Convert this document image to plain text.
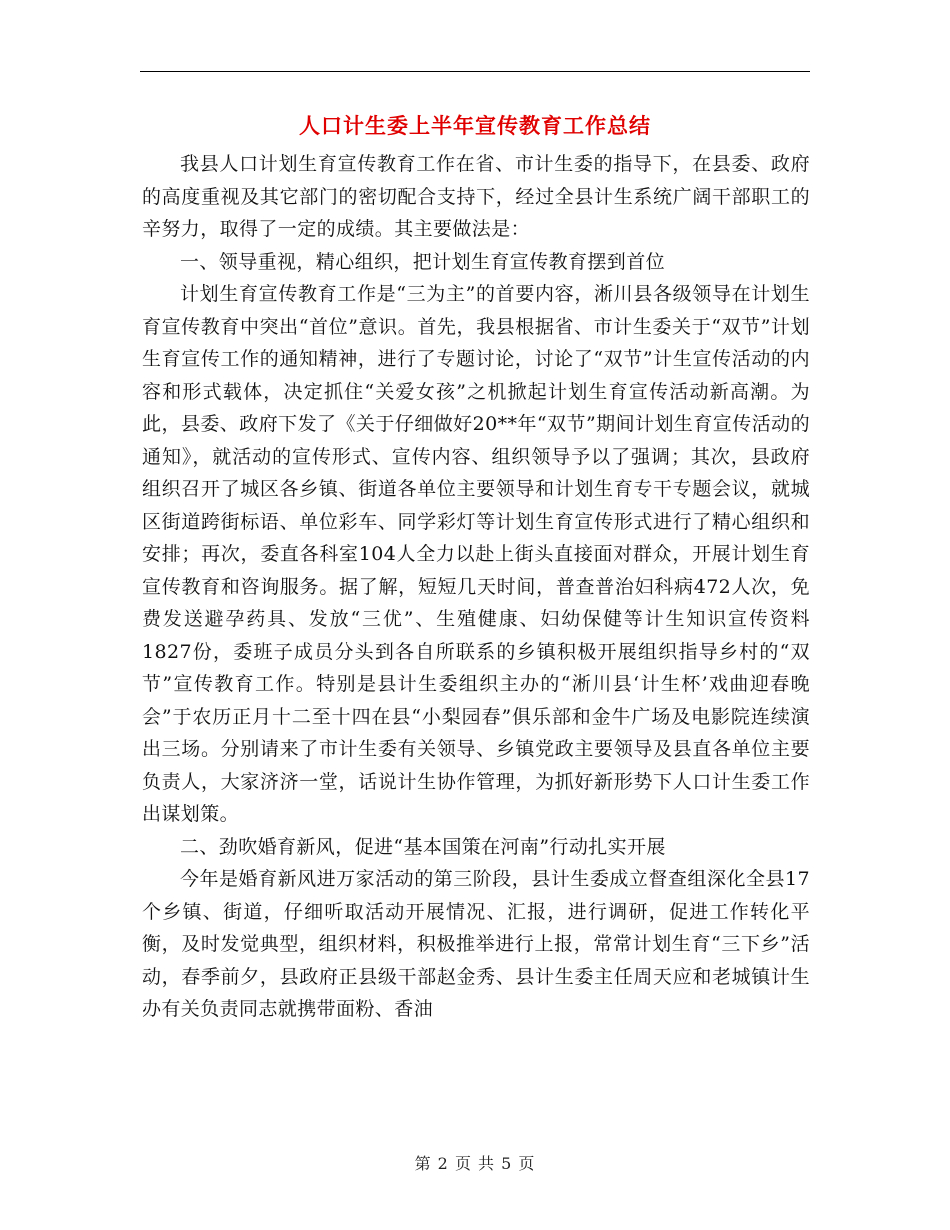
人口计生委上半年宣传教育工作总结

我县人口计划生育宣传教育工作在省、市计生委的指导下，在县委、政府的高度重视及其它部门的密切配合支持下，经过全县计生系统广阔干部职工的辛努力，取得了一定的成绩。其主要做法是：

一、领导重视，精心组织，把计划生育宣传教育摆到首位

计划生育宣传教育工作是“三为主”的首要内容，淅川县各级领导在计划生育宣传教育中突出“首位”意识。首先，我县根据省、市计生委关于“双节”计划生育宣传工作的通知精神，进行了专题讨论，讨论了“双节”计生宣传活动的内容和形式载体，决定抓住“关爱女孩”之机掀起计划生育宣传活动新高潮。为此，县委、政府下发了《关于仔细做好20**年“双节”期间计划生育宣传活动的通知》，就活动的宣传形式、宣传内容、组织领导予以了强调；其次，县政府组织召开了城区各乡镇、街道各单位主要领导和计划生育专干专题会议，就城区街道跨街标语、单位彩车、同学彩灯等计划生育宣传形式进行了精心组织和安排；再次，委直各科室104人全力以赴上街头直接面对群众，开展计划生育宣传教育和咨询服务。据了解，短短几天时间，普查普治妇科病472人次，免费发送避孕药具、发放“三优”、生殖健康、妇幼保健等计生知识宣传资料1827份，委班子成员分头到各自所联系的乡镇积极开展组织指导乡村的“双节”宣传教育工作。特别是县计生委组织主办的“淅川县‘计生杯’戏曲迎春晚会”于农历正月十二至十四在县“小梨园春”俱乐部和金牛广场及电影院连续演出三场。分别请来了市计生委有关领导、乡镇党政主要领导及县直各单位主要负责人，大家济济一堂，话说计生协作管理，为抓好新形势下人口计生委工作出谋划策。

二、劲吹婚育新风，促进“基本国策在河南”行动扎实开展

今年是婚育新风进万家活动的第三阶段，县计生委成立督查组深化全县17个乡镇、街道，仔细听取活动开展情况、汇报，进行调研，促进工作转化平衡，及时发觉典型，组织材料，积极推举进行上报，常常计划生育“三下乡”活动，春季前夕，县政府正县级干部赵金秀、县计生委主任周天应和老城镇计生办有关负责同志就携带面粉、香油

第 2 页 共 5 页
